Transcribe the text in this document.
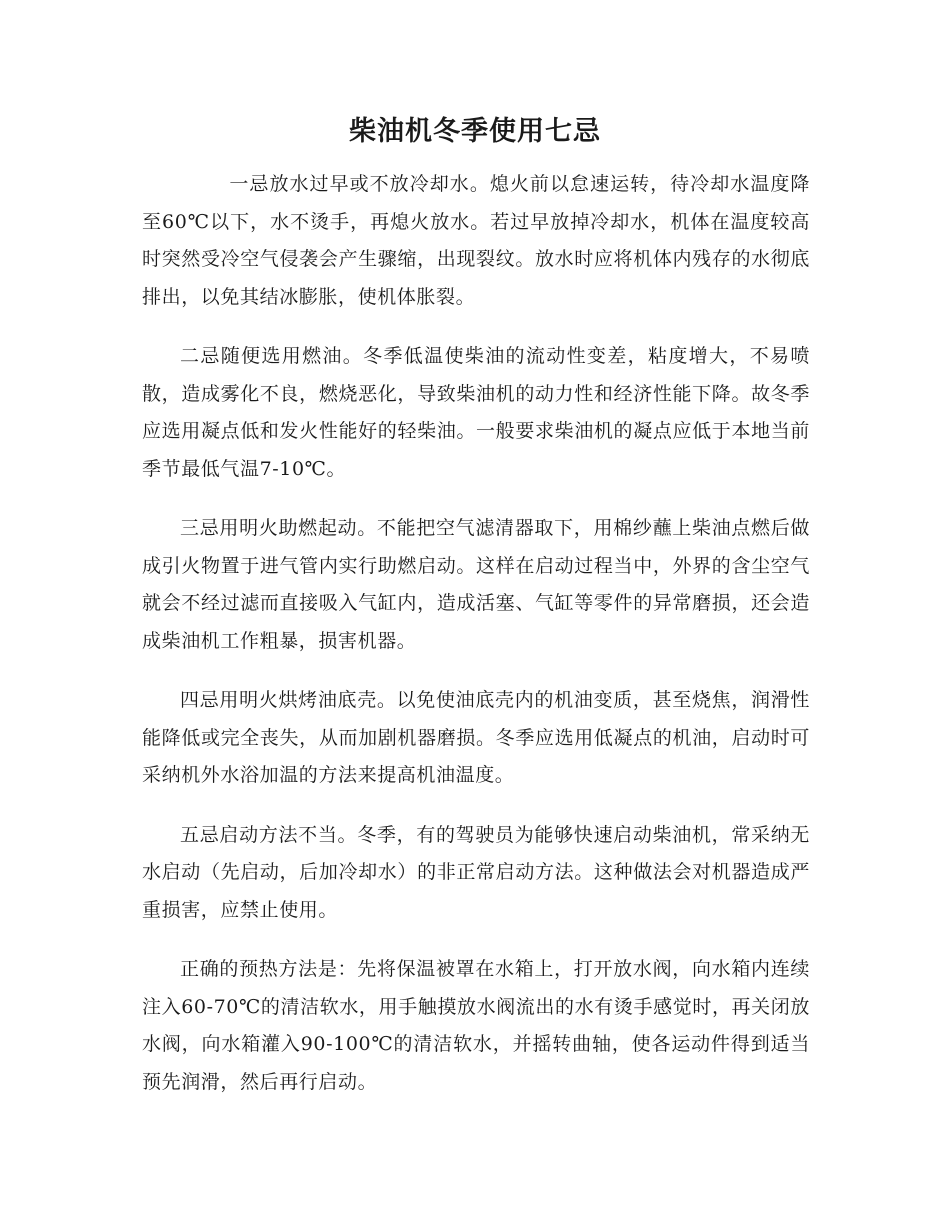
柴油机冬季使用七忌

一忌放水过早或不放冷却水。熄火前以怠速运转，待冷却水温度降至60℃以下，水不烫手，再熄火放水。若过早放掉冷却水，机体在温度较高时突然受冷空气侵袭会产生骤缩，出现裂纹。放水时应将机体内残存的水彻底排出，以免其结冰膨胀，使机体胀裂。

二忌随便选用燃油。冬季低温使柴油的流动性变差，粘度增大，不易喷散，造成雾化不良，燃烧恶化，导致柴油机的动力性和经济性能下降。故冬季应选用凝点低和发火性能好的轻柴油。一般要求柴油机的凝点应低于本地当前季节最低气温7-10℃。

三忌用明火助燃起动。不能把空气滤清器取下，用棉纱蘸上柴油点燃后做成引火物置于进气管内实行助燃启动。这样在启动过程当中，外界的含尘空气就会不经过滤而直接吸入气缸内，造成活塞、气缸等零件的异常磨损，还会造成柴油机工作粗暴，损害机器。

四忌用明火烘烤油底壳。以免使油底壳内的机油变质，甚至烧焦，润滑性能降低或完全丧失，从而加剧机器磨损。冬季应选用低凝点的机油，启动时可采纳机外水浴加温的方法来提高机油温度。

五忌启动方法不当。冬季，有的驾驶员为能够快速启动柴油机，常采纳无水启动（先启动，后加冷却水）的非正常启动方法。这种做法会对机器造成严重损害，应禁止使用。

正确的预热方法是：先将保温被罩在水箱上，打开放水阀，向水箱内连续注入60-70℃的清洁软水，用手触摸放水阀流出的水有烫手感觉时，再关闭放水阀，向水箱灌入90-100℃的清洁软水，并摇转曲轴，使各运动件得到适当预先润滑，然后再行启动。
